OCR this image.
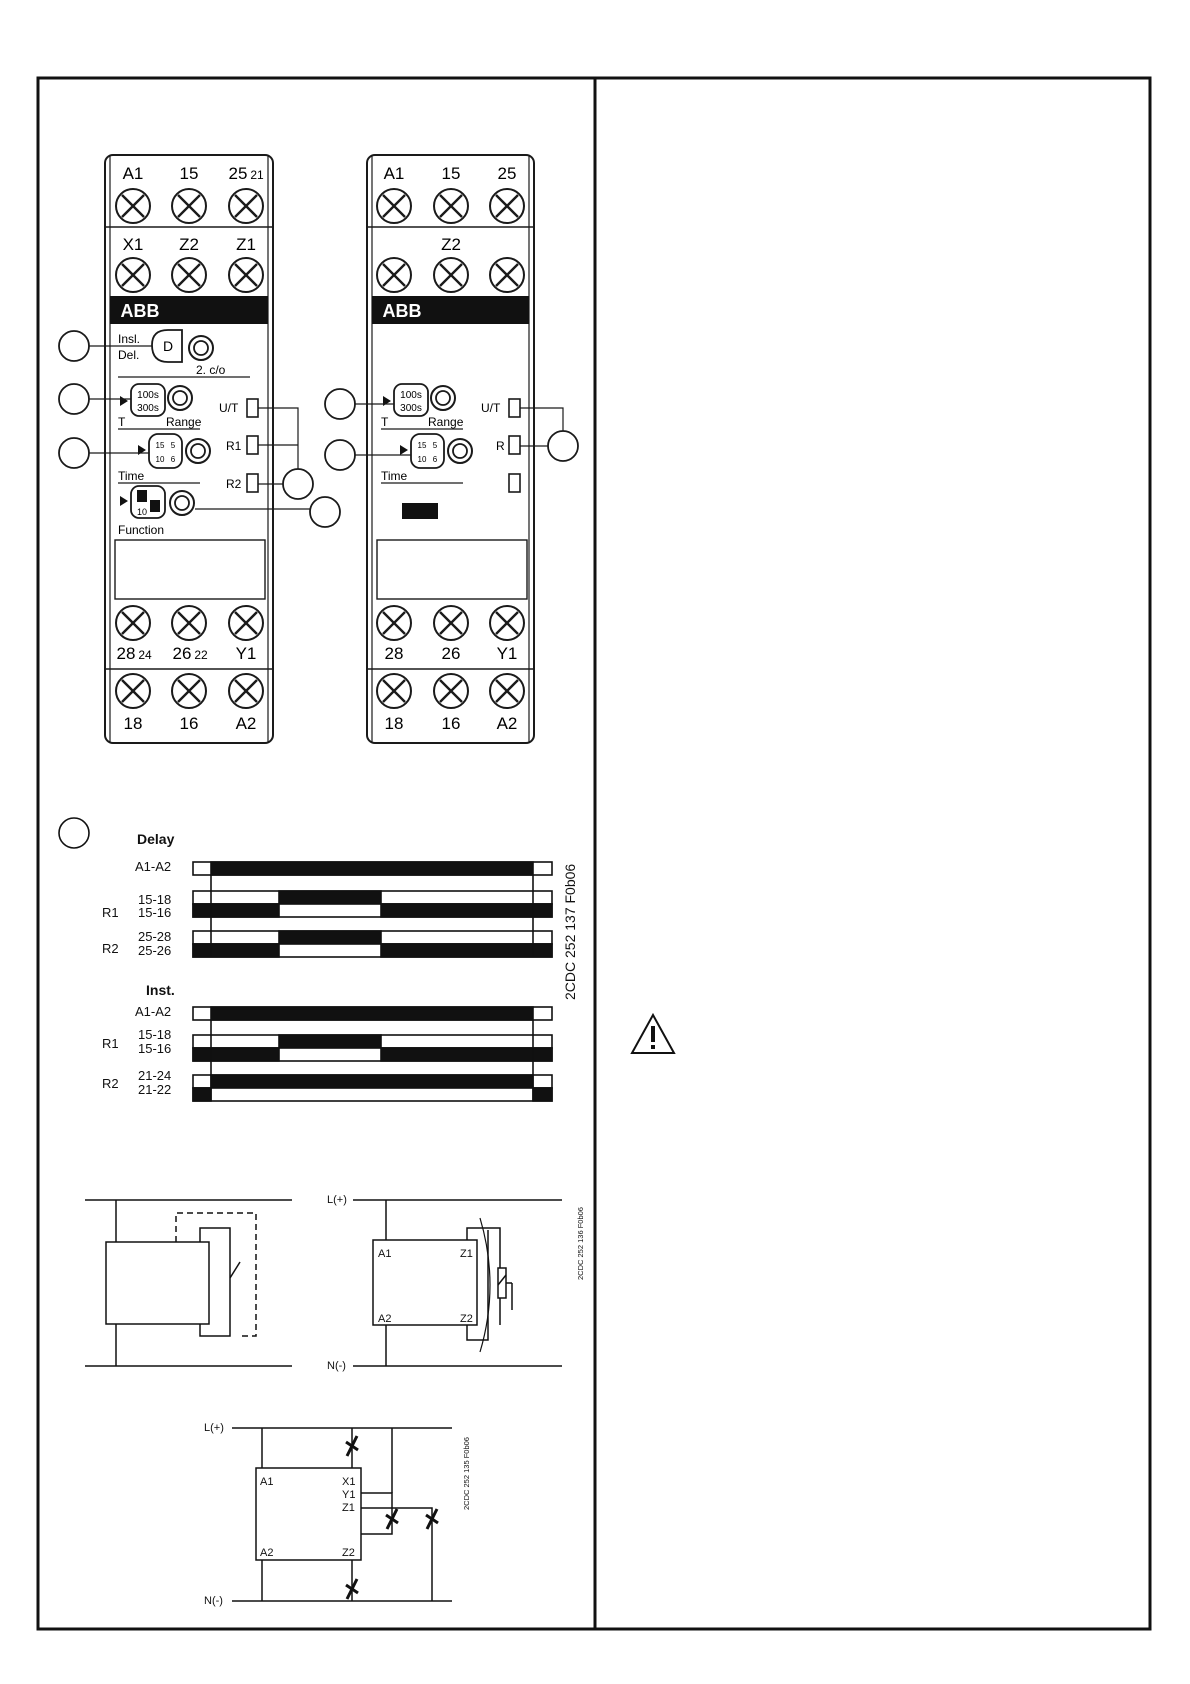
A1 15 25 21
X1 Z2 Z1
ABB
Insl.
Del.
D
2. c/o
100s
300s
T	Range
15 5
10 6
Time
10
Function
U/T
R1
R2
28 24 26 22 Y1
18 16 A2
A1 15 25
Z2
ABB
100s
300s
T	Range
15 5
10 6
Time
U/T
R
28 26 Y1
18 16 A2
Delay
A1-A2
R1
15-18
15-16
R2
25-28
25-26
Inst.
A1-A2
R1
15-18
15-16
R2
21-24
21-22
2CDC 252 137 F0b06
L(+)
N(-)
A1
A2
Z1
Z2
2CDC 252 136 F0b06
L(+)
N(-)
A1
A2
X1
Y1
Z1
Z2
2CDC 252 135 F0b06
